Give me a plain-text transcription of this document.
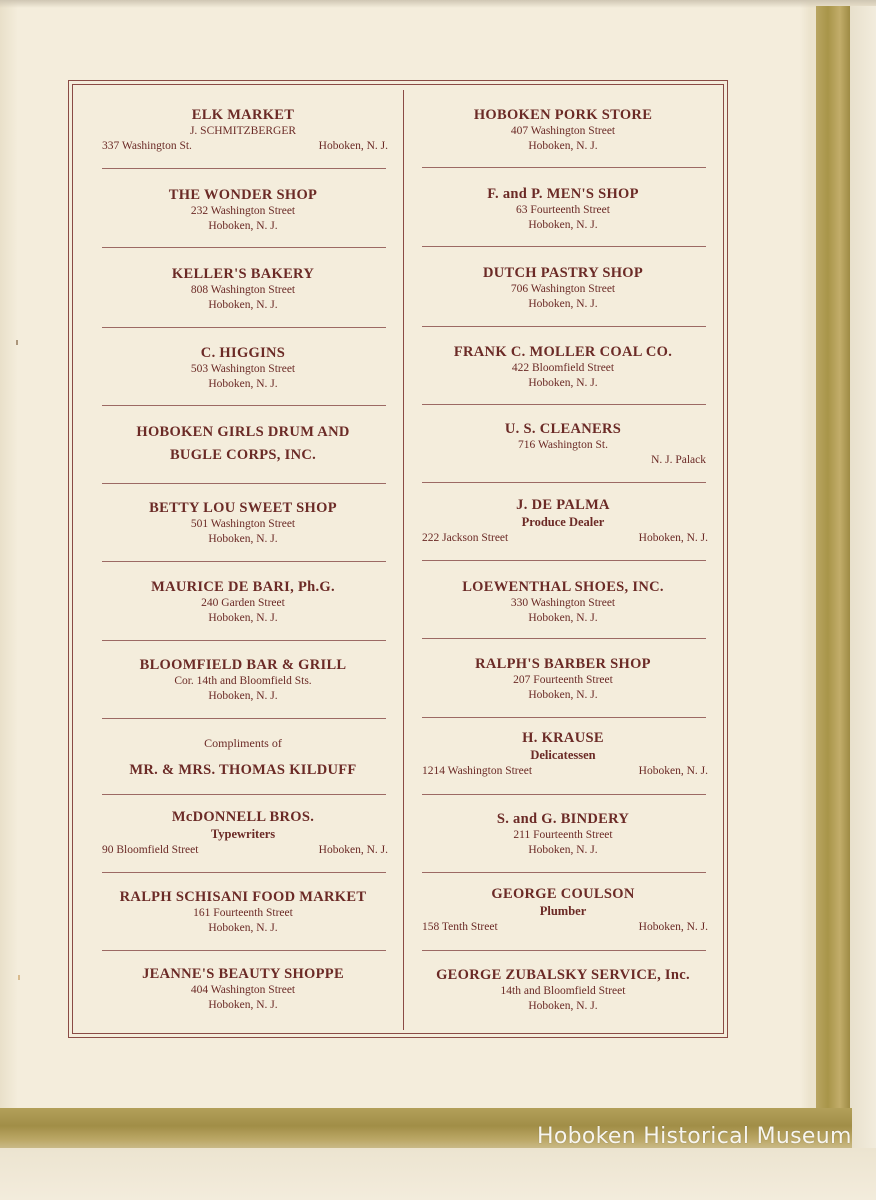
ELK MARKET
J. SCHMITZBERGER
337 Washington St.	Hoboken, N. J.
THE WONDER SHOP
232 Washington Street
Hoboken, N. J.
KELLER'S BAKERY
808 Washington Street
Hoboken, N. J.
C. HIGGINS
503 Washington Street
Hoboken, N. J.
HOBOKEN GIRLS DRUM AND
BUGLE CORPS, INC.
BETTY LOU SWEET SHOP
501 Washington Street
Hoboken, N. J.
MAURICE DE BARI, Ph.G.
240 Garden Street
Hoboken, N. J.
BLOOMFIELD BAR & GRILL
Cor. 14th and Bloomfield Sts.
Hoboken, N. J.
Compliments of
MR. & MRS. THOMAS KILDUFF
McDONNELL BROS.
Typewriters
90 Bloomfield Street	Hoboken, N. J.
RALPH SCHISANI FOOD MARKET
161 Fourteenth Street
Hoboken, N. J.
JEANNE'S BEAUTY SHOPPE
404 Washington Street
Hoboken, N. J.
HOBOKEN PORK STORE
407 Washington Street
Hoboken, N. J.
F. and P. MEN'S SHOP
63 Fourteenth Street
Hoboken, N. J.
DUTCH PASTRY SHOP
706 Washington Street
Hoboken, N. J.
FRANK C. MOLLER COAL CO.
422 Bloomfield Street
Hoboken, N. J.
U. S. CLEANERS
716 Washington St.
N. J. Palack
J. DE PALMA
Produce Dealer
222 Jackson Street	Hoboken, N. J.
LOEWENTHAL SHOES, INC.
330 Washington Street
Hoboken, N. J.
RALPH'S BARBER SHOP
207 Fourteenth Street
Hoboken, N. J.
H. KRAUSE
Delicatessen
1214 Washington Street	Hoboken, N. J.
S. and G. BINDERY
211 Fourteenth Street
Hoboken, N. J.
GEORGE COULSON
Plumber
158 Tenth Street	Hoboken, N. J.
GEORGE ZUBALSKY SERVICE, Inc.
14th and Bloomfield Street
Hoboken, N. J.
Hoboken Historical Museum
